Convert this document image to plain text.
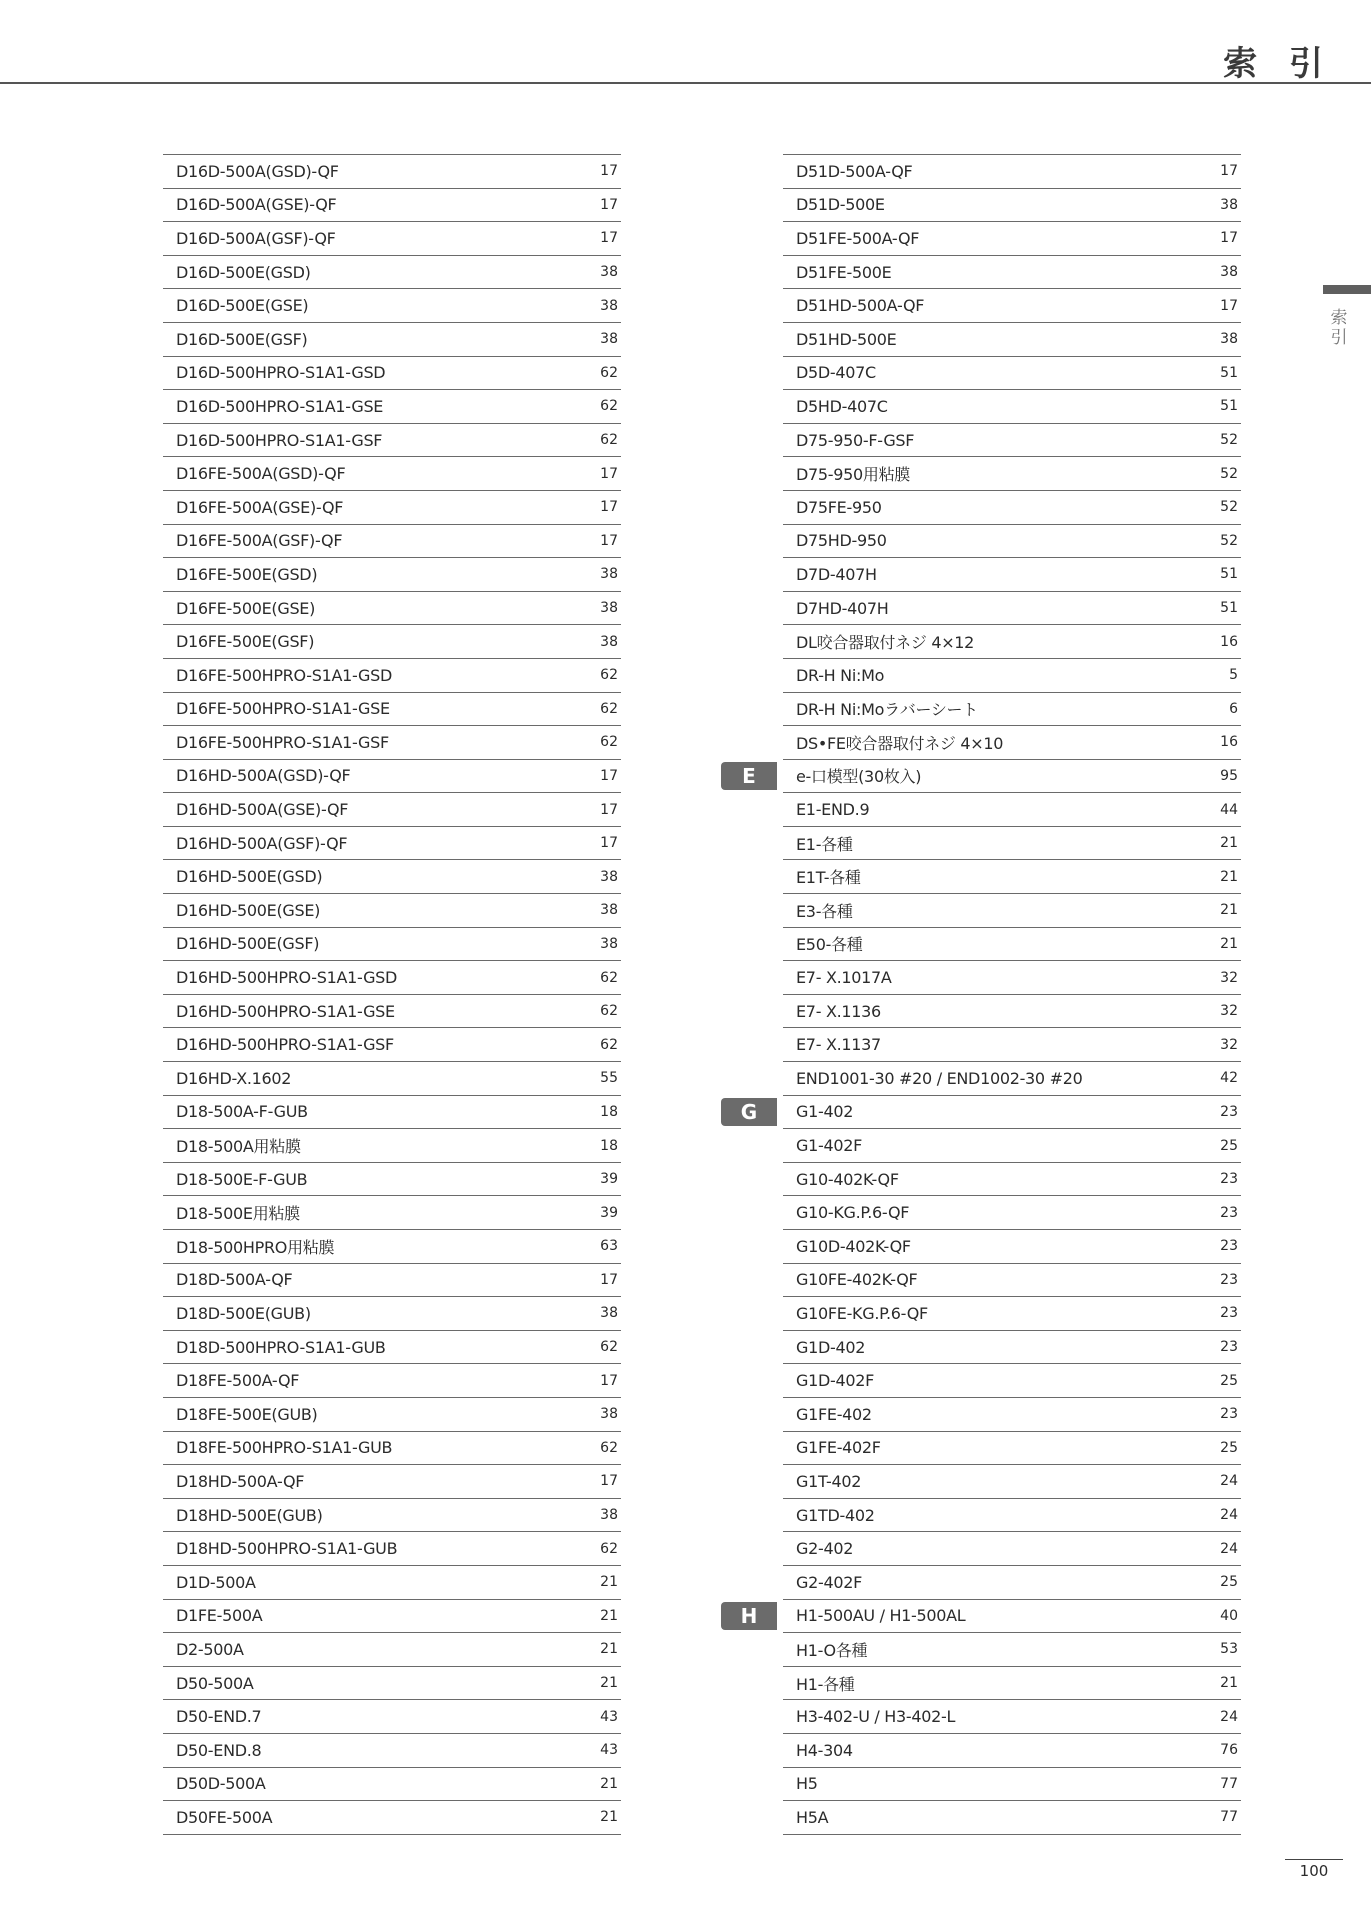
索 引
索引
D16D-500A(GSD)-QF	17
D16D-500A(GSE)-QF	17
D16D-500A(GSF)-QF	17
D16D-500E(GSD)	38
D16D-500E(GSE)	38
D16D-500E(GSF)	38
D16D-500HPRO-S1A1-GSD	62
D16D-500HPRO-S1A1-GSE	62
D16D-500HPRO-S1A1-GSF	62
D16FE-500A(GSD)-QF	17
D16FE-500A(GSE)-QF	17
D16FE-500A(GSF)-QF	17
D16FE-500E(GSD)	38
D16FE-500E(GSE)	38
D16FE-500E(GSF)	38
D16FE-500HPRO-S1A1-GSD	62
D16FE-500HPRO-S1A1-GSE	62
D16FE-500HPRO-S1A1-GSF	62
D16HD-500A(GSD)-QF	17
D16HD-500A(GSE)-QF	17
D16HD-500A(GSF)-QF	17
D16HD-500E(GSD)	38
D16HD-500E(GSE)	38
D16HD-500E(GSF)	38
D16HD-500HPRO-S1A1-GSD	62
D16HD-500HPRO-S1A1-GSE	62
D16HD-500HPRO-S1A1-GSF	62
D16HD-X.1602	55
D18-500A-F-GUB	18
D18-500A用粘膜	18
D18-500E-F-GUB	39
D18-500E用粘膜	39
D18-500HPRO用粘膜	63
D18D-500A-QF	17
D18D-500E(GUB)	38
D18D-500HPRO-S1A1-GUB	62
D18FE-500A-QF	17
D18FE-500E(GUB)	38
D18FE-500HPRO-S1A1-GUB	62
D18HD-500A-QF	17
D18HD-500E(GUB)	38
D18HD-500HPRO-S1A1-GUB	62
D1D-500A	21
D1FE-500A	21
D2-500A	21
D50-500A	21
D50-END.7	43
D50-END.8	43
D50D-500A	21
D50FE-500A	21
D51D-500A-QF	17
D51D-500E	38
D51FE-500A-QF	17
D51FE-500E	38
D51HD-500A-QF	17
D51HD-500E	38
D5D-407C	51
D5HD-407C	51
D75-950-F-GSF	52
D75-950用粘膜	52
D75FE-950	52
D75HD-950	52
D7D-407H	51
D7HD-407H	51
DL咬合器取付ネジ 4×12	16
DR-H Ni:Mo	5
DR-H Ni:Moラバーシート	6
DS•FE咬合器取付ネジ 4×10	16
E	e-口模型(30枚入)	95
E1-END.9	44
E1-各種	21
E1T-各種	21
E3-各種	21
E50-各種	21
E7- X.1017A	32
E7- X.1136	32
E7- X.1137	32
END1001-30 #20 / END1002-30 #20	42
G	G1-402	23
G1-402F	25
G10-402K-QF	23
G10-KG.P.6-QF	23
G10D-402K-QF	23
G10FE-402K-QF	23
G10FE-KG.P.6-QF	23
G1D-402	23
G1D-402F	25
G1FE-402	23
G1FE-402F	25
G1T-402	24
G1TD-402	24
G2-402	24
G2-402F	25
H	H1-500AU / H1-500AL	40
H1-O各種	53
H1-各種	21
H3-402-U / H3-402-L	24
H4-304	76
H5	77
H5A	77
100
